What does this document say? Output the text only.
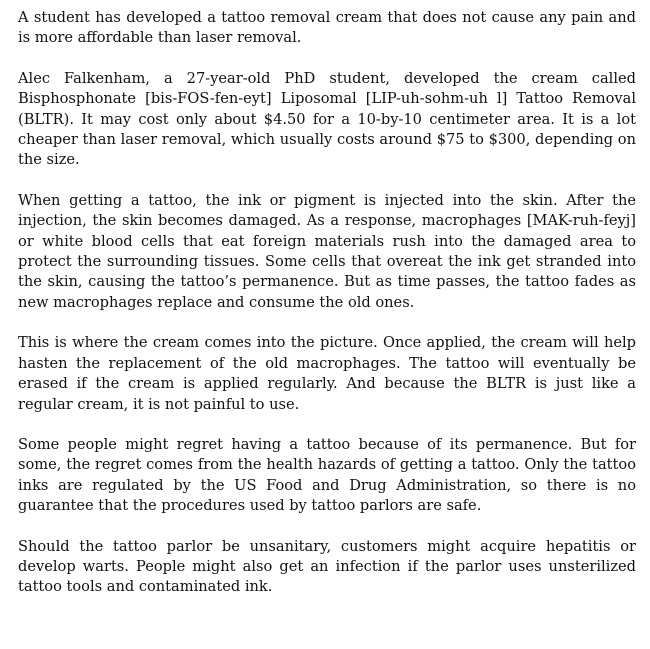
A student has developed a tattoo removal cream that does not cause any pain and is more affordable than laser removal.

Alec Falkenham, a 27-year-old PhD student, developed the cream called Bisphosphonate [bis-FOS-fen-eyt] Liposomal [LIP-uh-sohm-uh l] Tattoo Removal (BLTR). It may cost only about $4.50 for a 10-by-10 centimeter area. It is a lot cheaper than laser removal, which usually costs around $75 to $300, depending on the size.

When getting a tattoo, the ink or pigment is injected into the skin. After the injection, the skin becomes damaged. As a response, macrophages [MAK-ruh-feyj] or white blood cells that eat foreign materials rush into the damaged area to protect the surrounding tissues. Some cells that overeat the ink get stranded into the skin, causing the tattoo’s permanence. But as time passes, the tattoo fades as new macrophages replace and consume the old ones.

This is where the cream comes into the picture. Once applied, the cream will help hasten the replacement of the old macrophages. The tattoo will eventually be erased if the cream is applied regularly. And because the BLTR is just like a regular cream, it is not painful to use.

Some people might regret having a tattoo because of its permanence. But for some, the regret comes from the health hazards of getting a tattoo. Only the tattoo inks are regulated by the US Food and Drug Administration, so there is no guarantee that the procedures used by tattoo parlors are safe.

Should the tattoo parlor be unsanitary, customers might acquire hepatitis or develop warts. People might also get an infection if the parlor uses unsterilized tattoo tools and contaminated ink.
